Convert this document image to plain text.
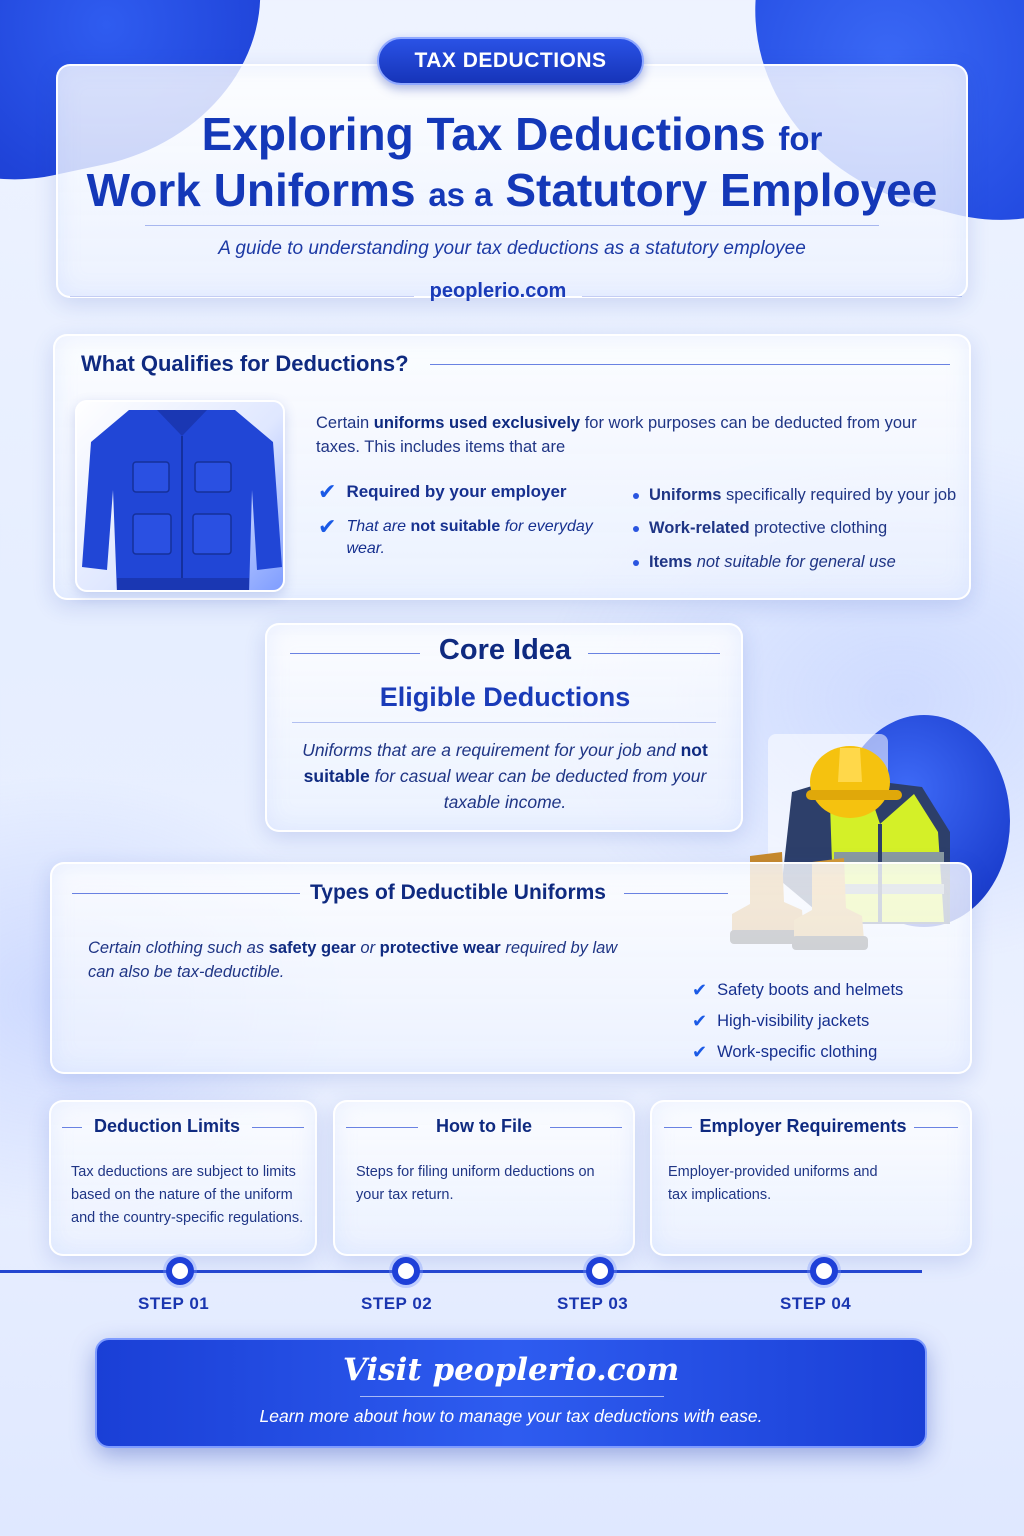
TAX DEDUCTIONS
Exploring Tax Deductions for
Work Uniforms as a Statutory Employee
A guide to understanding your tax deductions as a statutory employee
peoplerio.com
What Qualifies for Deductions?
Certain uniforms used exclusively for work purposes can be deducted from your taxes. This includes items that are
✔ Required by your employer
✔ That are not suitable for everyday wear.
Uniforms specifically required by your job
Work-related protective clothing
Items not suitable for general use
Core Idea
Eligible Deductions
Uniforms that are a requirement for your job and not suitable for casual wear can be deducted from your taxable income.
Types of Deductible Uniforms
Certain clothing such as safety gear or protective wear required by law can also be tax-deductible.
✔ Safety boots and helmets
✔ High-visibility jackets
✔ Work-specific clothing
Deduction Limits
Tax deductions are subject to limits based on the nature of the uniform and the country-specific regulations.
How to File
Steps for filing uniform deductions on your tax return.
Employer Requirements
Employer-provided uniforms and tax implications.
STEP 01	STEP 02	STEP 03	STEP 04
Visit peoplerio.com
Learn more about how to manage your tax deductions with ease.
